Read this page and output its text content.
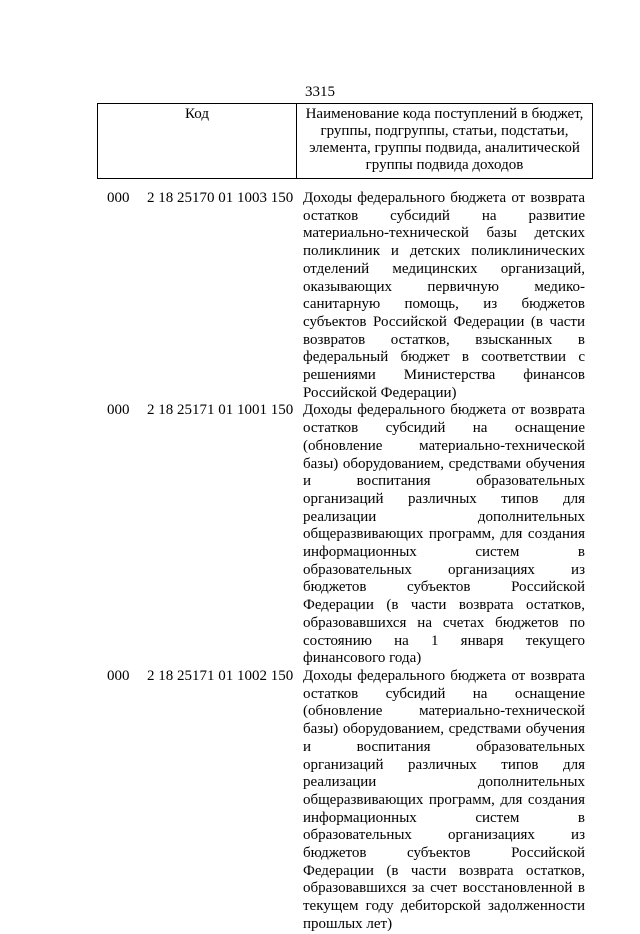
3315
Код	Наименование кода поступлений в бюджет, группы, подгруппы, статьи, подстатьи, элемента, группы подвида, аналитической группы подвида доходов
000 2 18 25170 01 1003 150 Доходы федерального бюджета от возврата остатков субсидий на развитие материально-технической базы детских поликлиник и детских поликлинических отделений медицинских организаций, оказывающих первичную медико-санитарную помощь, из бюджетов субъектов Российской Федерации (в части возвратов остатков, взысканных в федеральный бюджет в соответствии с решениями Министерства финансов Российской Федерации)
000 2 18 25171 01 1001 150 Доходы федерального бюджета от возврата остатков субсидий на оснащение (обновление материально-технической базы) оборудованием, средствами обучения и воспитания образовательных организаций различных типов для реализации дополнительных общеразвивающих программ, для создания информационных систем в образовательных организациях из бюджетов субъектов Российской Федерации (в части возврата остатков, образовавшихся на счетах бюджетов по состоянию на 1 января текущего финансового года)
000 2 18 25171 01 1002 150 Доходы федерального бюджета от возврата остатков субсидий на оснащение (обновление материально-технической базы) оборудованием, средствами обучения и воспитания образовательных организаций различных типов для реализации дополнительных общеразвивающих программ, для создания информационных систем в образовательных организациях из бюджетов субъектов Российской Федерации (в части возврата остатков, образовавшихся за счет восстановленной в текущем году дебиторской задолженности прошлых лет)
